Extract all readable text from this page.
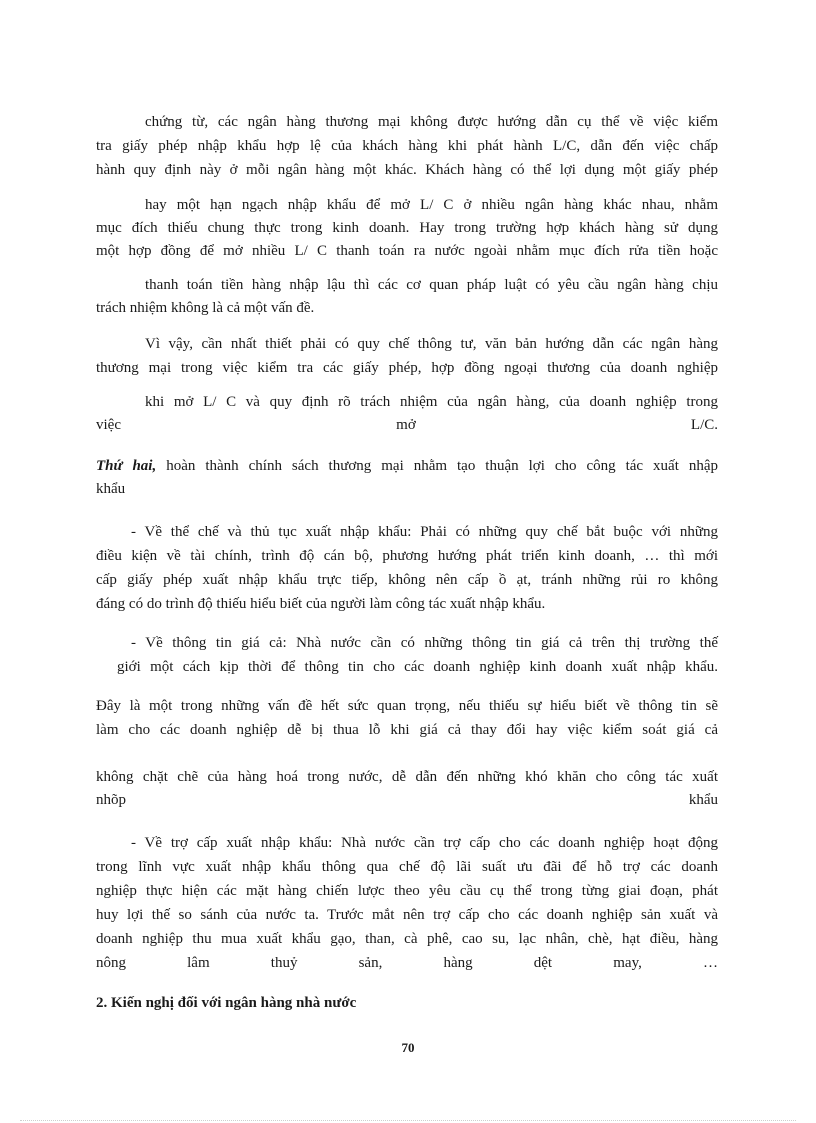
chứng từ, các ngân hàng thương mại không được hướng dẫn cụ thể về việc kiểm
tra giấy phép nhập khẩu hợp lệ của khách hàng khi phát hành L/C, dẫn đến việc chấp
hành quy định này ở mỗi ngân hàng một khác. Khách hàng có thể lợi dụng một giấy phép
hay một hạn ngạch nhập khẩu để mở L/ C ở nhiều ngân hàng khác nhau, nhằm
mục đích thiếu chung thực trong kinh doanh. Hay trong trường hợp khách hàng sử dụng
một hợp đồng để mở nhiều L/ C thanh toán ra nước ngoài nhằm mục đích rửa tiền hoặc
thanh toán tiền hàng nhập lậu thì các cơ quan pháp luật có yêu cầu ngân hàng chịu
trách nhiệm không là cả một vấn đề.
Vì vậy, cần nhất thiết phải có quy chế thông tư, văn bản hướng dẫn các ngân hàng
thương mại trong việc kiểm tra các giấy phép, hợp đồng ngoại thương của doanh nghiệp
khi mở L/ C và quy định rõ trách nhiệm của ngân hàng, của doanh nghiệp trong
việc mở L/C.
Thứ hai, hoàn thành chính sách thương mại nhằm tạo thuận lợi cho công tác xuất nhập
khẩu
- Về thể chế và thủ tục xuất nhập khẩu: Phải có những quy chế bắt buộc với những
điều kiện về tài chính, trình độ cán bộ, phương hướng phát triển kinh doanh, … thì mới
cấp giấy phép xuất nhập khẩu trực tiếp, không nên cấp ồ ạt, tránh những rủi ro không
đáng có do trình độ thiếu hiểu biết của người làm công tác xuất nhập khẩu.
- Về thông tin giá cả: Nhà nước cần có những thông tin giá cả trên thị trường thế
giới một cách kịp thời để thông tin cho các doanh nghiệp kinh doanh xuất nhập khẩu.
Đây là một trong những vấn đề hết sức quan trọng, nếu thiếu sự hiểu biết về thông tin sẽ
làm cho các doanh nghiệp dễ bị thua lỗ khi giá cả thay đổi hay việc kiểm soát giá cả
không chặt chẽ của hàng hoá trong nước, dễ dẫn đến những khó khăn cho công tác xuất
nhõp khẩu
- Về trợ cấp xuất nhập khẩu: Nhà nước cần trợ cấp cho các doanh nghiệp hoạt động
trong lĩnh vực xuất nhập khẩu thông qua chế độ lãi suất ưu đãi để hỗ trợ các doanh
nghiệp thực hiện các mặt hàng chiến lược theo yêu cầu cụ thể trong từng giai đoạn, phát
huy lợi thế so sánh của nước ta. Trước mắt nên trợ cấp cho các doanh nghiệp sản xuất và
doanh nghiệp thu mua xuất khẩu gạo, than, cà phê, cao su, lạc nhân, chè, hạt điều, hàng
nông lâm thuỷ sản, hàng dệt may, …
2. Kiến nghị đối với ngân hàng nhà nước
70
